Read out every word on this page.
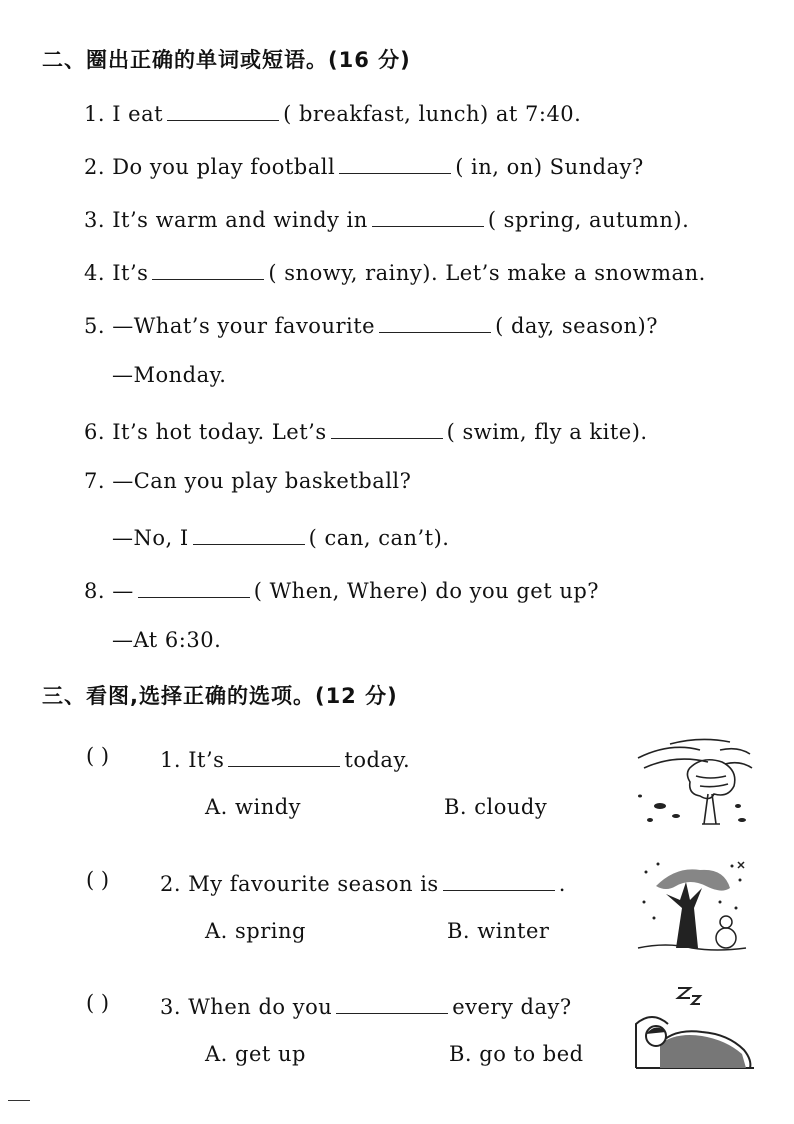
二、圈出正确的单词或短语。(16 分)
1. I eat	( breakfast, lunch) at 7:40.
2. Do you play football	( in, on) Sunday?
3. It’s warm and windy in	( spring, autumn).
4. It’s	( snowy, rainy). Let’s make a snowman.
5. —What’s your favourite	( day, season)?
—Monday.
6. It’s hot today. Let’s	( swim, fly a kite).
7. —Can you play basketball?
—No, I	( can, can’t).
8. —	( When, Where) do you get up?
—At 6:30.
三、看图,选择正确的选项。(12 分)
( ) 1. It’s	today.
A. windy	B. cloudy
( ) 2. My favourite season is	.
A. spring	B. winter
( ) 3. When do you	every day?
A. get up	B. go to bed
